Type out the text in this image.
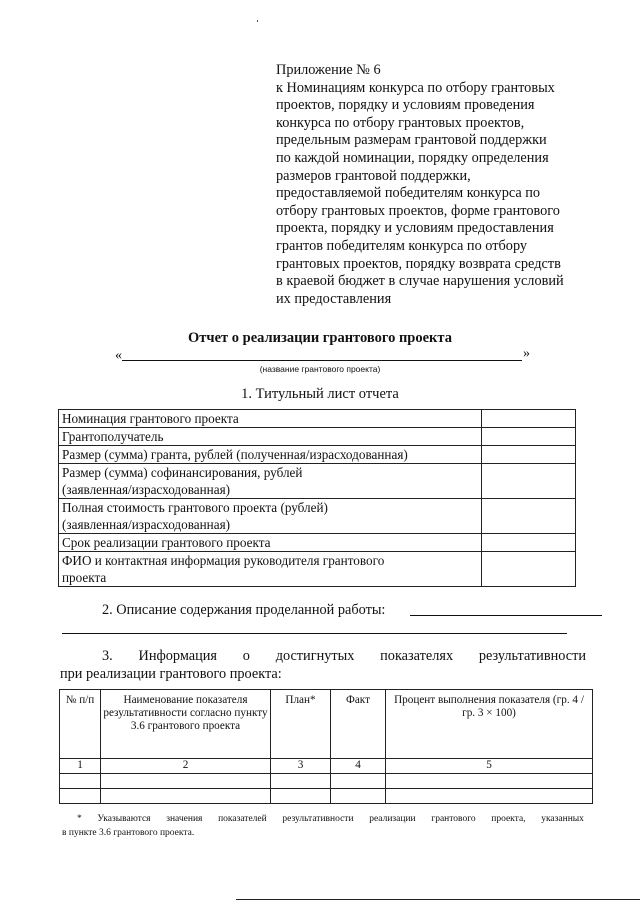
Приложение № 6
к Номинациям конкурса по отбору грантовых
проектов, порядку и условиям проведения
конкурса по отбору грантовых проектов,
предельным размерам грантовой поддержки
по каждой номинации, порядку определения
размеров грантовой поддержки,
предоставляемой победителям конкурса по
отбору грантовых проектов, форме грантового
проекта, порядку и условиям предоставления
грантов победителям конкурса по отбору
грантовых проектов, порядку возврата средств
в краевой бюджет в случае нарушения условий
их предоставления
Отчет о реализации грантового проекта
«	»
(название грантового проекта)
1. Титульный лист отчета
Номинация грантового проекта	

Грантополучатель	

Размер (сумма) гранта, рублей (полученная/израсходованная)	

Размер (сумма) софинансирования, рублей
(заявленная/израсходованная)	

Полная стоимость грантового проекта (рублей)
(заявленная/израсходованная)	

Срок реализации грантового проекта	

ФИО и контактная информация руководителя грантового
проекта	

2. Описание содержания проделанной работы:
3. Информация о достигнутых показателях результативности
при реализации грантового проекта:
№ п/п	Наименование показателя результативности согласно пункту 3.6 грантового проекта	План*	Факт	Процент выполнения показателя (гр. 4 / гр. 3 × 100)
1	2	3	4	5

* Указываются значения показателей результативности реализации грантового проекта, указанных
в пункте 3.6 грантового проекта.
